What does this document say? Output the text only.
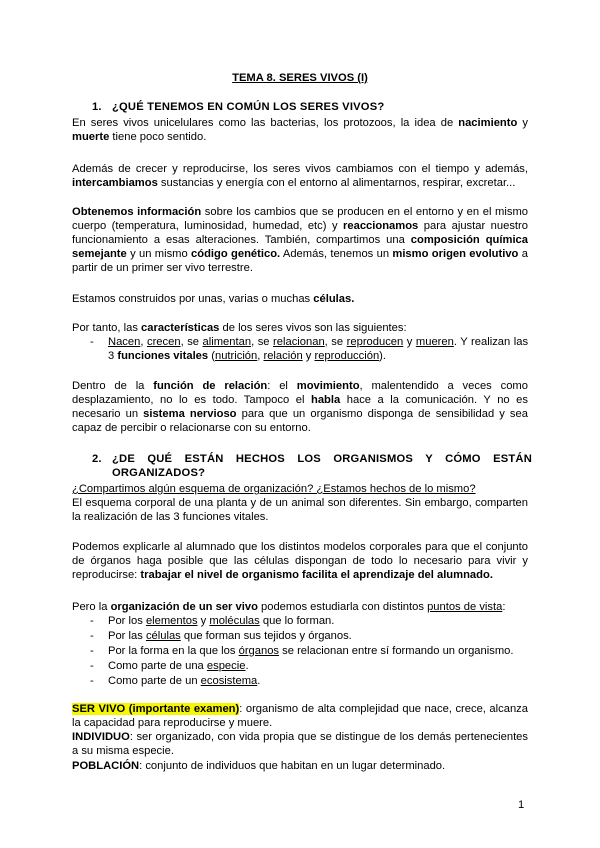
TEMA 8. SERES VIVOS (I)
1. ¿QUÉ TENEMOS EN COMÚN LOS SERES VIVOS?
En seres vivos unicelulares como las bacterias, los protozoos, la idea de nacimiento y muerte tiene poco sentido.
Además de crecer y reproducirse, los seres vivos cambiamos con el tiempo y además, intercambiamos sustancias y energía con el entorno al alimentarnos, respirar, excretar...
Obtenemos información sobre los cambios que se producen en el entorno y en el mismo cuerpo (temperatura, luminosidad, humedad, etc) y reaccionamos para ajustar nuestro funcionamiento a esas alteraciones. También, compartimos una composición química semejante y un mismo código genético. Además, tenemos un mismo origen evolutivo a partir de un primer ser vivo terrestre.
Estamos construidos por unas, varias o muchas células.
Por tanto, las características de los seres vivos son las siguientes:
- Nacen, crecen, se alimentan, se relacionan, se reproducen y mueren. Y realizan las
3 funciones vitales (nutrición, relación y reproducción).
Dentro de la función de relación: el movimiento, malentendido a veces como desplazamiento, no lo es todo. Tampoco el habla hace a la comunicación. Y no es necesario un sistema nervioso para que un organismo disponga de sensibilidad y sea capaz de percibir o relacionarse con su entorno.
2. ¿DE QUÉ ESTÁN HECHOS LOS ORGANISMOS Y CÓMO ESTÁN
ORGANIZADOS?
¿Compartimos algún esquema de organización? ¿Estamos hechos de lo mismo?
El esquema corporal de una planta y de un animal son diferentes. Sin embargo, comparten la realización de las 3 funciones vitales.
Podemos explicarle al alumnado que los distintos modelos corporales para que el conjunto de órganos haga posible que las células dispongan de todo lo necesario para vivir y reproducirse: trabajar el nivel de organismo facilita el aprendizaje del alumnado.
Pero la organización de un ser vivo podemos estudiarla con distintos puntos de vista:
- Por los elementos y moléculas que lo forman.
- Por las células que forman sus tejidos y órganos.
- Por la forma en la que los órganos se relacionan entre sí formando un organismo.
- Como parte de una especie.
- Como parte de un ecosistema.
SER VIVO (importante examen): organismo de alta complejidad que nace, crece, alcanza la capacidad para reproducirse y muere.
INDIVIDUO: ser organizado, con vida propia que se distingue de los demás pertenecientes a su misma especie.
POBLACIÓN: conjunto de individuos que habitan en un lugar determinado.
1
